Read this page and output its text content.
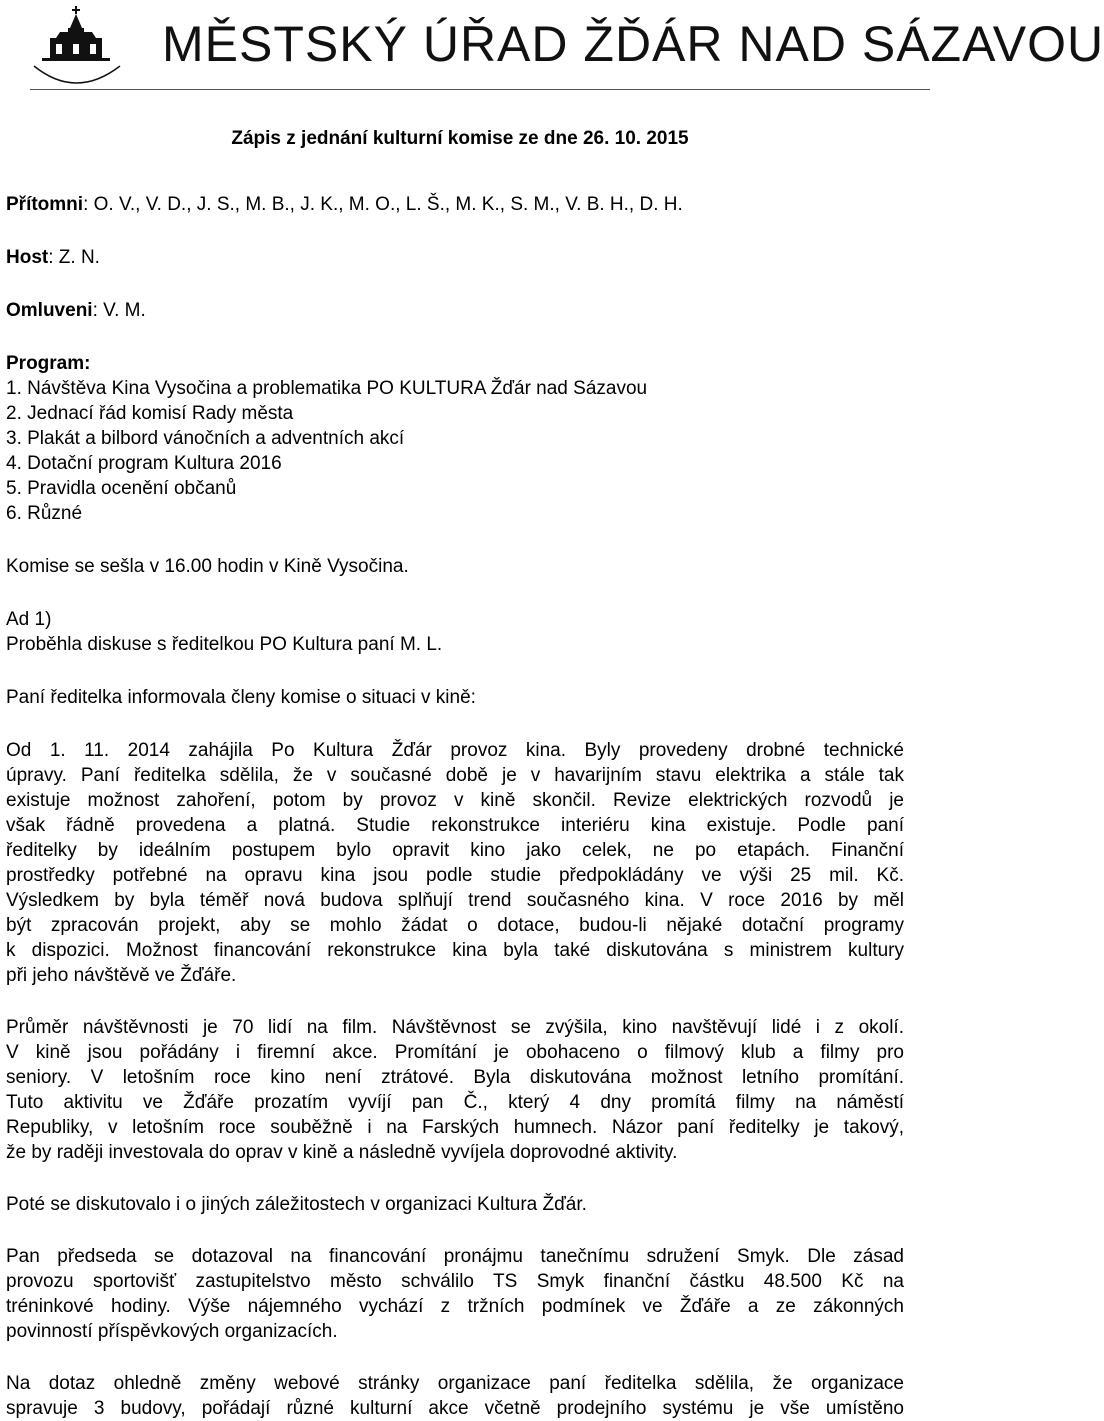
MĚSTSKÝ ÚŘAD ŽĎÁR NAD SÁZAVOU

Zápis z jednání kulturní komise ze dne 26. 10. 2015

Přítomni: O. V., V. D., J. S., M. B., J. K., M. O., L. Š., M. K., S. M., V. B. H., D. H.

Host: Z. N.

Omluveni: V. M.

Program:

1. Návštěva Kina Vysočina a problematika PO KULTURA Žďár nad Sázavou
2. Jednací řád komisí Rady města
3. Plakát a bilbord vánočních a adventních akcí
4. Dotační program Kultura 2016
5. Pravidla ocenění občanů
6. Různé

Komise se sešla v 16.00 hodin v Kině Vysočina.

Ad 1)

Proběhla diskuse s ředitelkou PO Kultura paní M. L.

Paní ředitelka informovala členy komise o situaci v kině:

Od 1. 11. 2014 zahájila Po Kultura Žďár provoz kina. Byly provedeny drobné technické

úpravy. Paní ředitelka sdělila, že v současné době je v havarijním stavu elektrika a stále tak

existuje možnost zahoření, potom by provoz v kině skončil. Revize elektrických rozvodů je

však řádně provedena a platná. Studie rekonstrukce interiéru kina existuje. Podle paní

ředitelky by ideálním postupem bylo opravit kino jako celek, ne po etapách. Finanční

prostředky potřebné na opravu kina jsou podle studie předpokládány ve výši 25 mil. Kč.

Výsledkem by byla téměř nová budova splňují trend současného kina. V roce 2016 by měl

být zpracován projekt, aby se mohlo žádat o dotace, budou-li nějaké dotační programy

k dispozici. Možnost financování rekonstrukce kina byla také diskutována s ministrem kultury

při jeho návštěvě ve Žďáře.

Průměr návštěvnosti je 70 lidí na film. Návštěvnost se zvýšila, kino navštěvují lidé i z okolí.

V kině jsou pořádány i firemní akce. Promítání je obohaceno o filmový klub a filmy pro

seniory. V letošním roce kino není ztrátové. Byla diskutována možnost letního promítání.

Tuto aktivitu ve Žďáře prozatím vyvíjí pan Č., který 4 dny promítá filmy na náměstí

Republiky, v letošním roce souběžně i na Farských humnech. Názor paní ředitelky je takový,

že by raději investovala do oprav v kině a následně vyvíjela doprovodné aktivity.

Poté se diskutovalo i o jiných záležitostech v organizaci Kultura Žďár.

Pan předseda se dotazoval na financování pronájmu tanečnímu sdružení Smyk. Dle zásad

provozu sportovišť zastupitelstvo město schválilo TS Smyk finanční částku 48.500 Kč na

tréninkové hodiny. Výše nájemného vychází z tržních podmínek ve Žďáře a ze zákonných

povinností příspěvkových organizacích.

Na dotaz ohledně změny webové stránky organizace paní ředitelka sdělila, že organizace

spravuje 3 budovy, pořádají různé kulturní akce včetně prodejního systému je vše umístěno
